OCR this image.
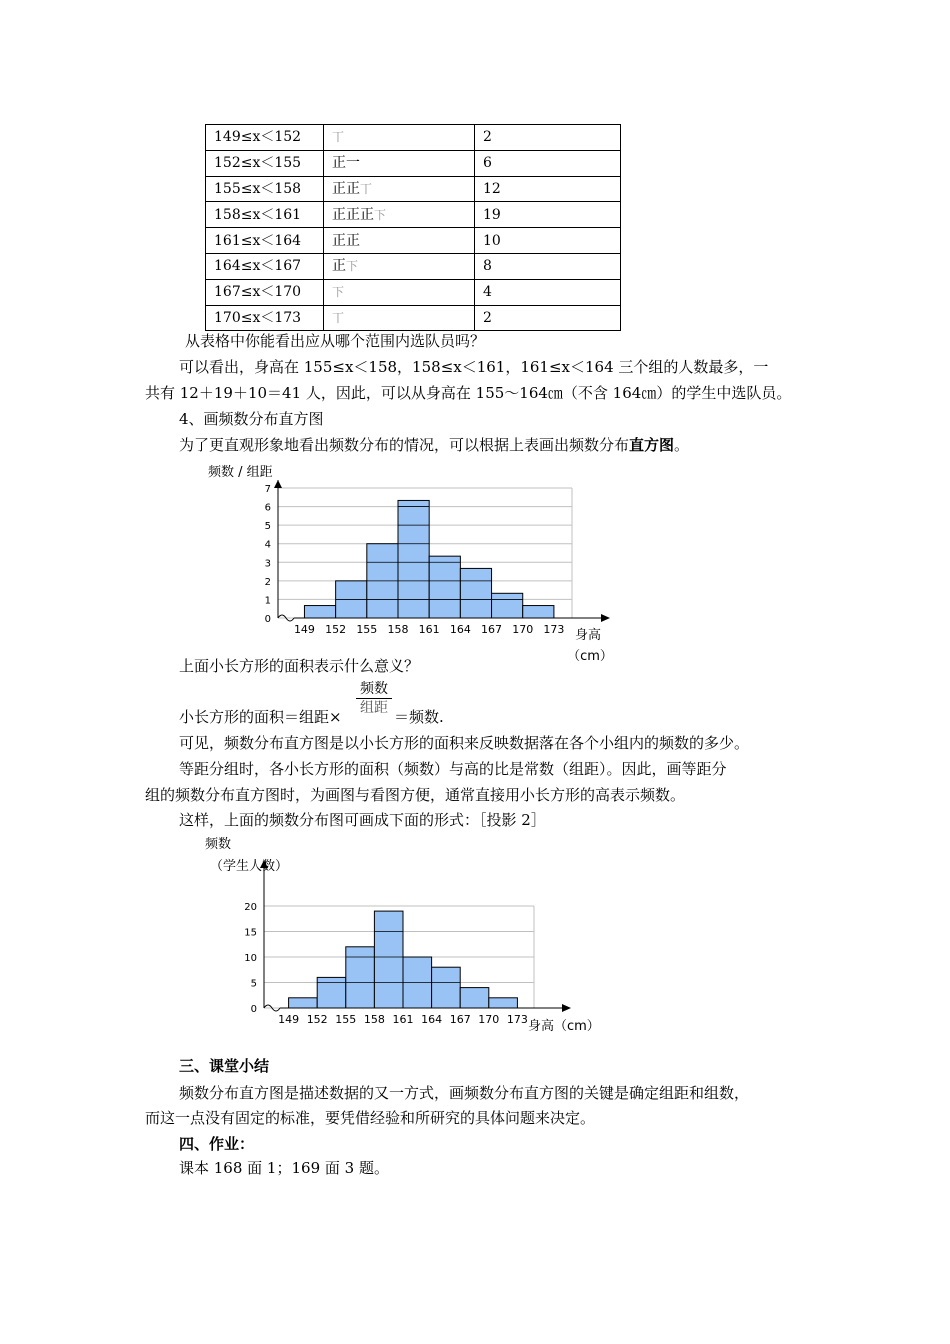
149≤x＜152	丅	2
152≤x＜155	正一	6
155≤x＜158	正正丅	12
158≤x＜161	正正正下	19
161≤x＜164	正正	10
164≤x＜167	正下	8
167≤x＜170	下	4
170≤x＜173	丅	2
从表格中你能看出应从哪个范围内选队员吗？
可以看出，身高在 155≤x＜158，158≤x＜161，161≤x＜164 三个组的人数最多，一
共有 12＋19＋10＝41 人，因此，可以从身高在 155～164㎝（不含 164㎝）的学生中选队员。
4、画频数分布直方图
为了更直观形象地看出频数分布的情况，可以根据上表画出频数分布直方图。
0
1
2
3
4
5
6
7
149 152 155 158 161 164 167 170 173
频数 / 组距
身高
（cm）
上面小长方形的面积表示什么意义？
频数
组距
小长方形的面积＝组距×	＝频数.
可见，频数分布直方图是以小长方形的面积来反映数据落在各个小组内的频数的多少。
等距分组时，各小长方形的面积（频数）与高的比是常数（组距）。因此，画等距分
组的频数分布直方图时，为画图与看图方便，通常直接用小长方形的高表示频数。
这样，上面的频数分布图可画成下面的形式：［投影 2］
0
5
10
15
20
149 152 155 158 161 164 167 170 173
频数
（学生人数）
身高（cm）
三、课堂小结
频数分布直方图是描述数据的又一方式，画频数分布直方图的关键是确定组距和组数，
而这一点没有固定的标准，要凭借经验和所研究的具体问题来决定。
四、作业：
课本 168 面 1；169 面 3 题。
